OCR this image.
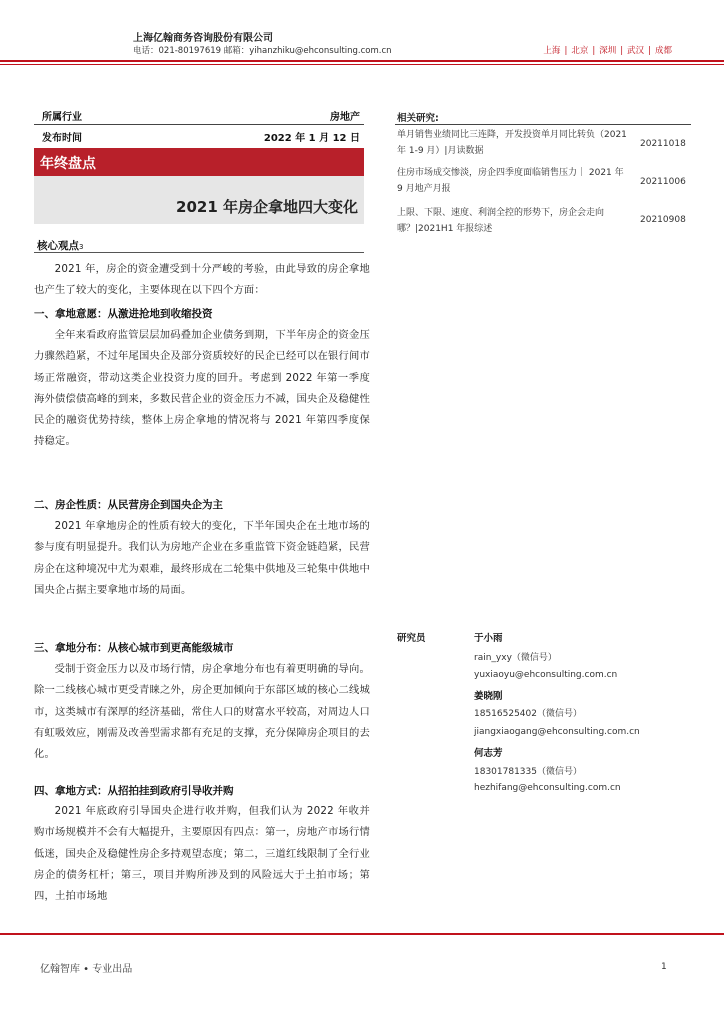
上海亿翰商务咨询股份有限公司
电话：021-80197619 邮箱：yihanzhiku@ehconsulting.com.cn	上海 | 北京 | 深圳 | 武汉 | 成都
所属行业	房地产
发布时间	2022 年 1 月 12 日
年终盘点
2021 年房企拿地四大变化
相关研究:
单月销售业绩同比三连降，开发投资单月同比转负（2021 年 1-9 月）|月读数据
20211018
住房市场成交惨淡，房企四季度面临销售压力｜ 2021 年 9 月地产月报
20211006
上限、下限、速度、利润全控的形势下，房企会走向哪？|2021H1 年报综述
20210908
核心观点3

2021 年，房企的资金遭受到十分严峻的考验，由此导致的房企拿地也产生了较大的变化，主要体现在以下四个方面：

一、拿地意愿：从激进抢地到收缩投资

全年来看政府监管层层加码叠加企业债务到期，下半年房企的资金压力骤然趋紧，不过年尾国央企及部分资质较好的民企已经可以在银行间市场正常融资，带动这类企业投资力度的回升。考虑到 2022 年第一季度海外债偿债高峰的到来，多数民营企业的资金压力不减，国央企及稳健性民企的融资优势持续，整体上房企拿地的情况将与 2021 年第四季度保持稳定。

二、房企性质：从民营房企到国央企为主

2021 年拿地房企的性质有较大的变化，下半年国央企在土地市场的参与度有明显提升。我们认为房地产企业在多重监管下资金链趋紧，民营房企在这种境况中尤为艰难，最终形成在二轮集中供地及三轮集中供地中国央企占据主要拿地市场的局面。

三、拿地分布：从核心城市到更高能级城市

受制于资金压力以及市场行情，房企拿地分布也有着更明确的导向。除一二线核心城市更受青睐之外，房企更加倾向于东部区域的核心二线城市，这类城市有深厚的经济基础，常住人口的财富水平较高，对周边人口有虹吸效应，刚需及改善型需求都有充足的支撑，充分保障房企项目的去化。

四、拿地方式：从招拍挂到政府引导收并购

2021 年底政府引导国央企进行收并购，但我们认为 2022 年收并购市场规模并不会有大幅提升，主要原因有四点：第一，房地产市场行情低迷，国央企及稳健性房企多持观望态度；第二，三道红线限制了全行业房企的债务杠杆；第三，项目并购所涉及到的风险远大于土拍市场；第四，土拍市场地

研究员	于小雨
rain_yxy（微信号）
yuxiaoyu@ehconsulting.com.cn
姜晓刚
18516525402（微信号）
jiangxiaogang@ehconsulting.com.cn
何志芳
18301781335（微信号）
hezhifang@ehconsulting.com.cn
亿翰智库 • 专业出品	1
